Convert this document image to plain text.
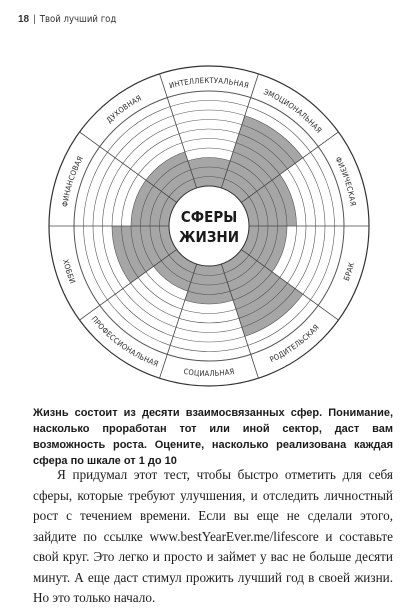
18 | Твой лучший год
ДУХОВНАЯ
ИНТЕЛЛЕКТУАЛЬНАЯ
ЭМОЦИОНАЛЬНАЯ
ФИЗИЧЕСКАЯ
БРАК
РОДИТЕЛЬСКАЯ
СОЦИАЛЬНАЯ
ПРОФЕССИОНАЛЬНАЯ
ХОББИ
ФИНАНСОВАЯ
СФЕРЫ
ЖИЗНИ
Жизнь состоит из десяти взаимосвязанных сфер. Понимание, насколько проработан тот или иной сектор, даст вам возможность роста. Оцените, насколько реализована каждая сфера по шкале от 1 до 10
Я придумал этот тест, чтобы быстро отметить для себя сферы, которые требуют улучшения, и отследить личностный рост с течением времени. Если вы еще не сделали этого, зайдите по ссылке www.bestYearEver.me/lifescore и составьте свой круг. Это легко и просто и займет у вас не больше десяти минут. А еще даст стимул прожить лучший год в своей жизни. Но это только начало.
